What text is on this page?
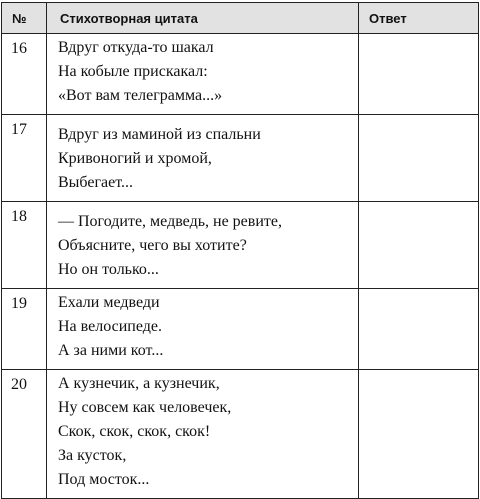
№	Стихотворная цитата	Ответ
16	Вдруг откуда-то шакал
На кобыле прискакал:
«Вот вам телеграмма...»	

17	Вдруг из маминой из спальни
Кривоногий и хромой,
Выбегает...	

18	— Погодите, медведь, не ревите,
Объясните, чего вы хотите?
Но он только...	

19	Ехали медведи
На велосипеде.
А за ними кот...	

20	А кузнечик, а кузнечик,
Ну совсем как человечек,
Скок, скок, скок, скок!
За кусток,
Под мосток...	
